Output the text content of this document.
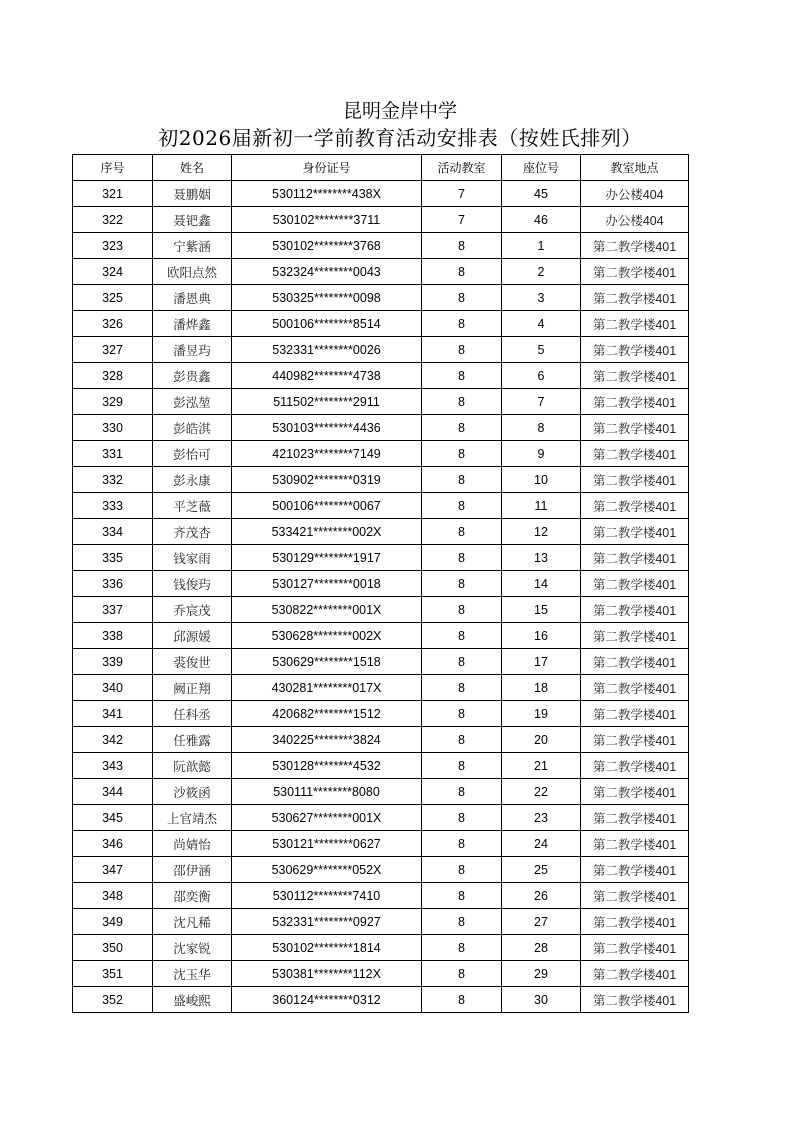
昆明金岸中学
初2026届新初一学前教育活动安排表（按姓氏排列）
序号	姓名	身份证号	活动教室	座位号	教室地点
321	聂鹏姻	530112********438X	7	45	办公楼404
322	聂钯鑫	530102********3711	7	46	办公楼404
323	宁紫涵	530102********3768	8	1	第二教学楼401
324	欧阳点然	532324********0043	8	2	第二教学楼401
325	潘恩典	530325********0098	8	3	第二教学楼401
326	潘烨鑫	500106********8514	8	4	第二教学楼401
327	潘昱玙	532331********0026	8	5	第二教学楼401
328	彭贵鑫	440982********4738	8	6	第二教学楼401
329	彭泓堃	511502********2911	8	7	第二教学楼401
330	彭皓淇	530103********4436	8	8	第二教学楼401
331	彭怡可	421023********7149	8	9	第二教学楼401
332	彭永康	530902********0319	8	10	第二教学楼401
333	平芝薇	500106********0067	8	11	第二教学楼401
334	齐茂杏	533421********002X	8	12	第二教学楼401
335	钱家雨	530129********1917	8	13	第二教学楼401
336	钱俊玙	530127********0018	8	14	第二教学楼401
337	乔宸茂	530822********001X	8	15	第二教学楼401
338	邱源媛	530628********002X	8	16	第二教学楼401
339	裘俊世	530629********1518	8	17	第二教学楼401
340	阙正翔	430281********017X	8	18	第二教学楼401
341	任科丞	420682********1512	8	19	第二教学楼401
342	任雅露	340225********3824	8	20	第二教学楼401
343	阮歆懿	530128********4532	8	21	第二教学楼401
344	沙筱函	530111********8080	8	22	第二教学楼401
345	上官靖杰	530627********001X	8	23	第二教学楼401
346	尚婧怡	530121********0627	8	24	第二教学楼401
347	邵伊涵	530629********052X	8	25	第二教学楼401
348	邵奕衡	530112********7410	8	26	第二教学楼401
349	沈凡稀	532331********0927	8	27	第二教学楼401
350	沈家锐	530102********1814	8	28	第二教学楼401
351	沈玉华	530381********112X	8	29	第二教学楼401
352	盛峻熙	360124********0312	8	30	第二教学楼401
